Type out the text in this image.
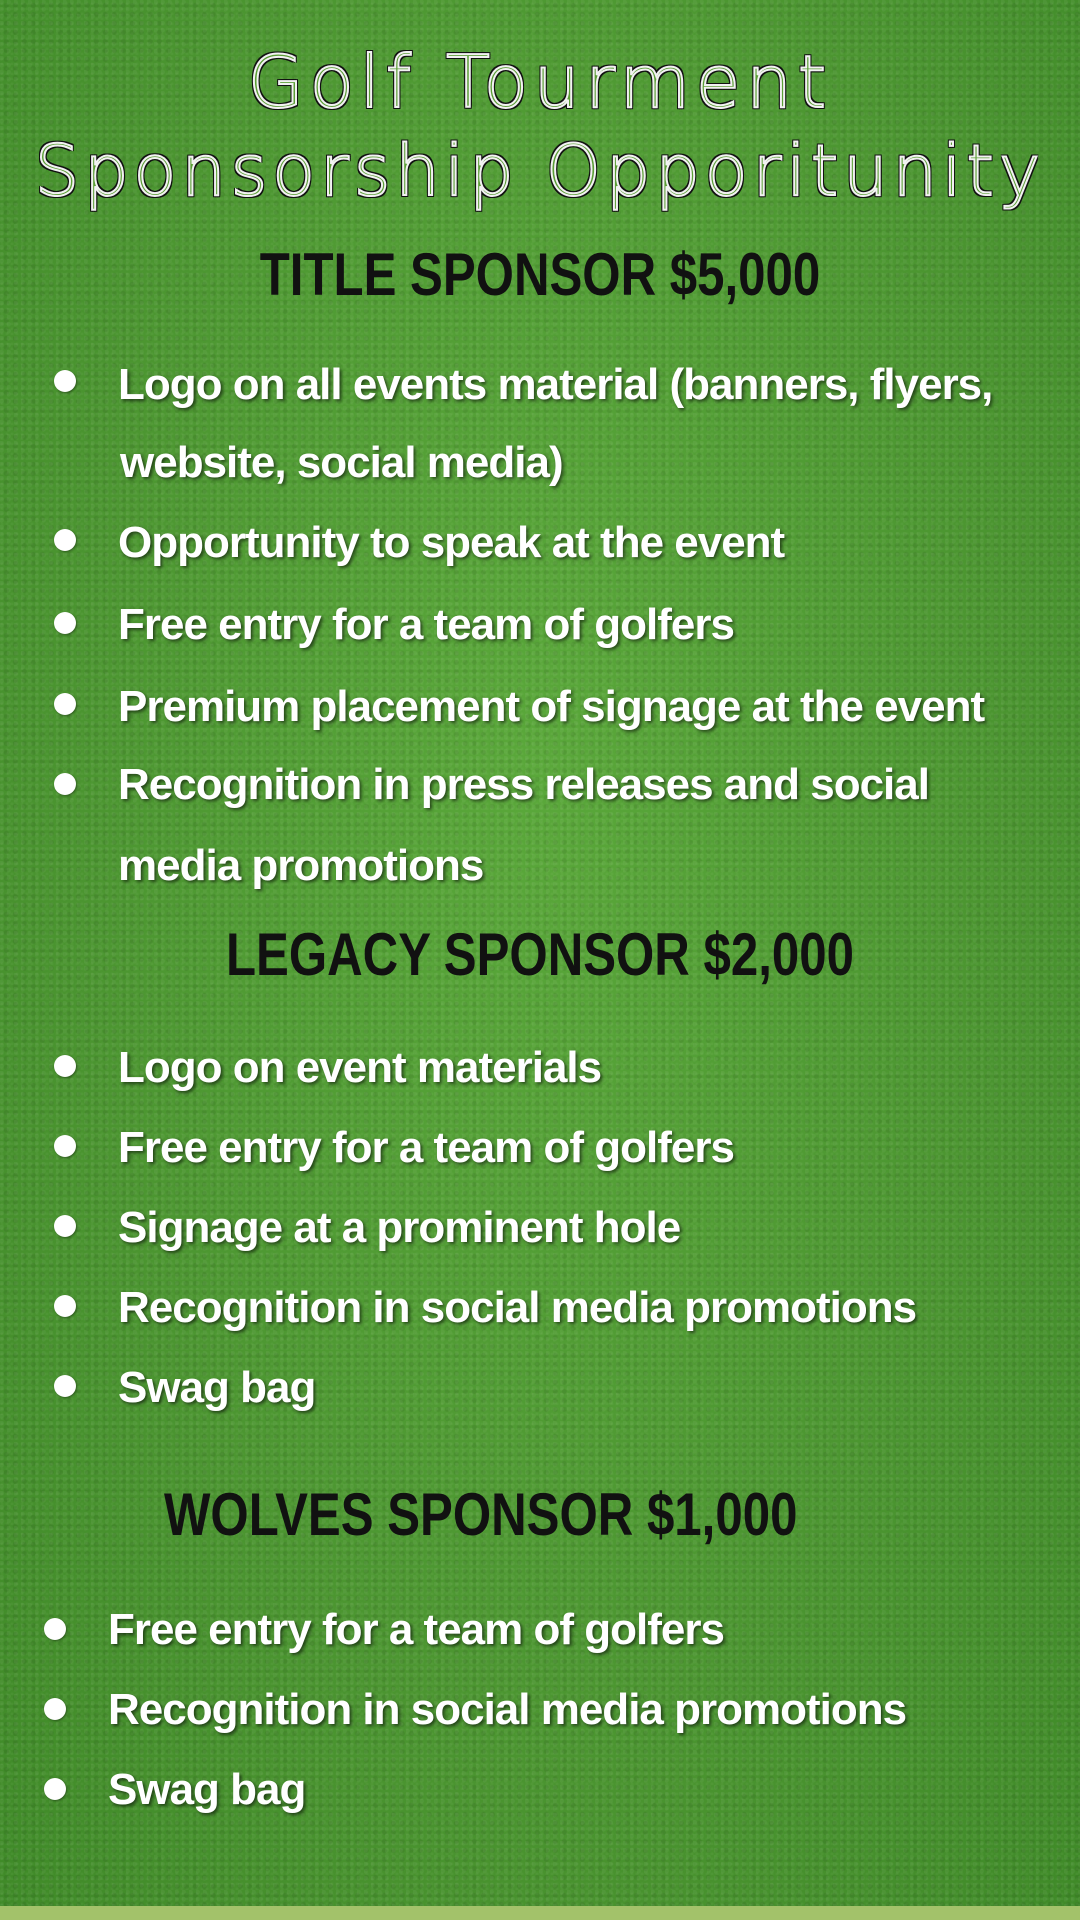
Golf Tourment
Sponsorship Opporitunity
TITLE SPONSOR $5,000
Logo on all events material (banners, flyers,
website, social media)
Opportunity to speak at the event
Free entry for a team of golfers
Premium placement of signage at the event
Recognition in press releases and social
media promotions
LEGACY SPONSOR $2,000
Logo on event materials
Free entry for a team of golfers
Signage at a prominent hole
Recognition in social media promotions
Swag bag
WOLVES SPONSOR $1,000
Free entry for a team of golfers
Recognition in social media promotions
Swag bag
